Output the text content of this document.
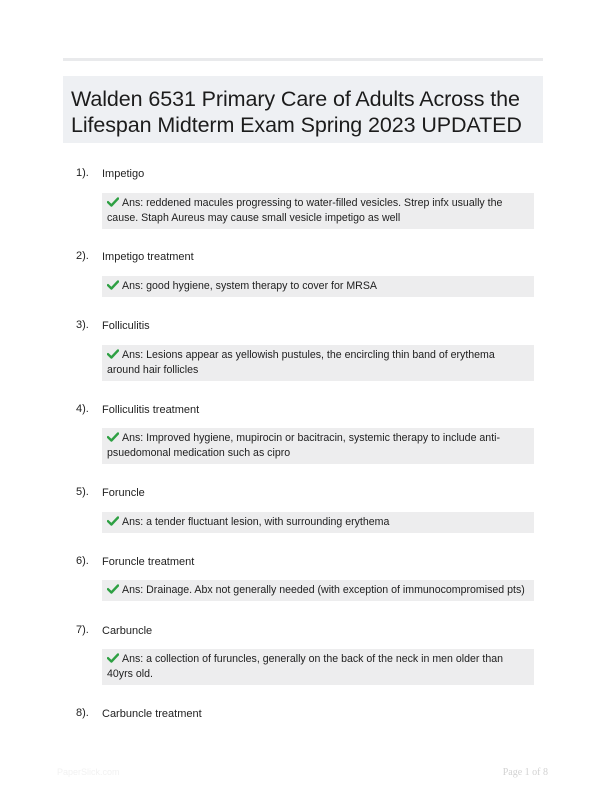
Walden 6531 Primary Care of Adults Across the Lifespan Midterm Exam Spring 2023 UPDATED
1). Impetigo
Ans: reddened macules progressing to water-filled vesicles. Strep infx usually the cause. Staph Aureus may cause small vesicle impetigo as well
2). Impetigo treatment
Ans: good hygiene, system therapy to cover for MRSA
3). Folliculitis
Ans: Lesions appear as yellowish pustules, the encircling thin band of erythema around hair follicles
4). Folliculitis treatment
Ans: Improved hygiene, mupirocin or bacitracin, systemic therapy to include anti-psuedomonal medication such as cipro
5). Foruncle
Ans: a tender fluctuant lesion, with surrounding erythema
6). Foruncle treatment
Ans: Drainage. Abx not generally needed (with exception of immunocompromised pts)
7). Carbuncle
Ans: a collection of furuncles, generally on the back of the neck in men older than 40yrs old.
8). Carbuncle treatment
PaperSlick.com	Page 1 of 8
